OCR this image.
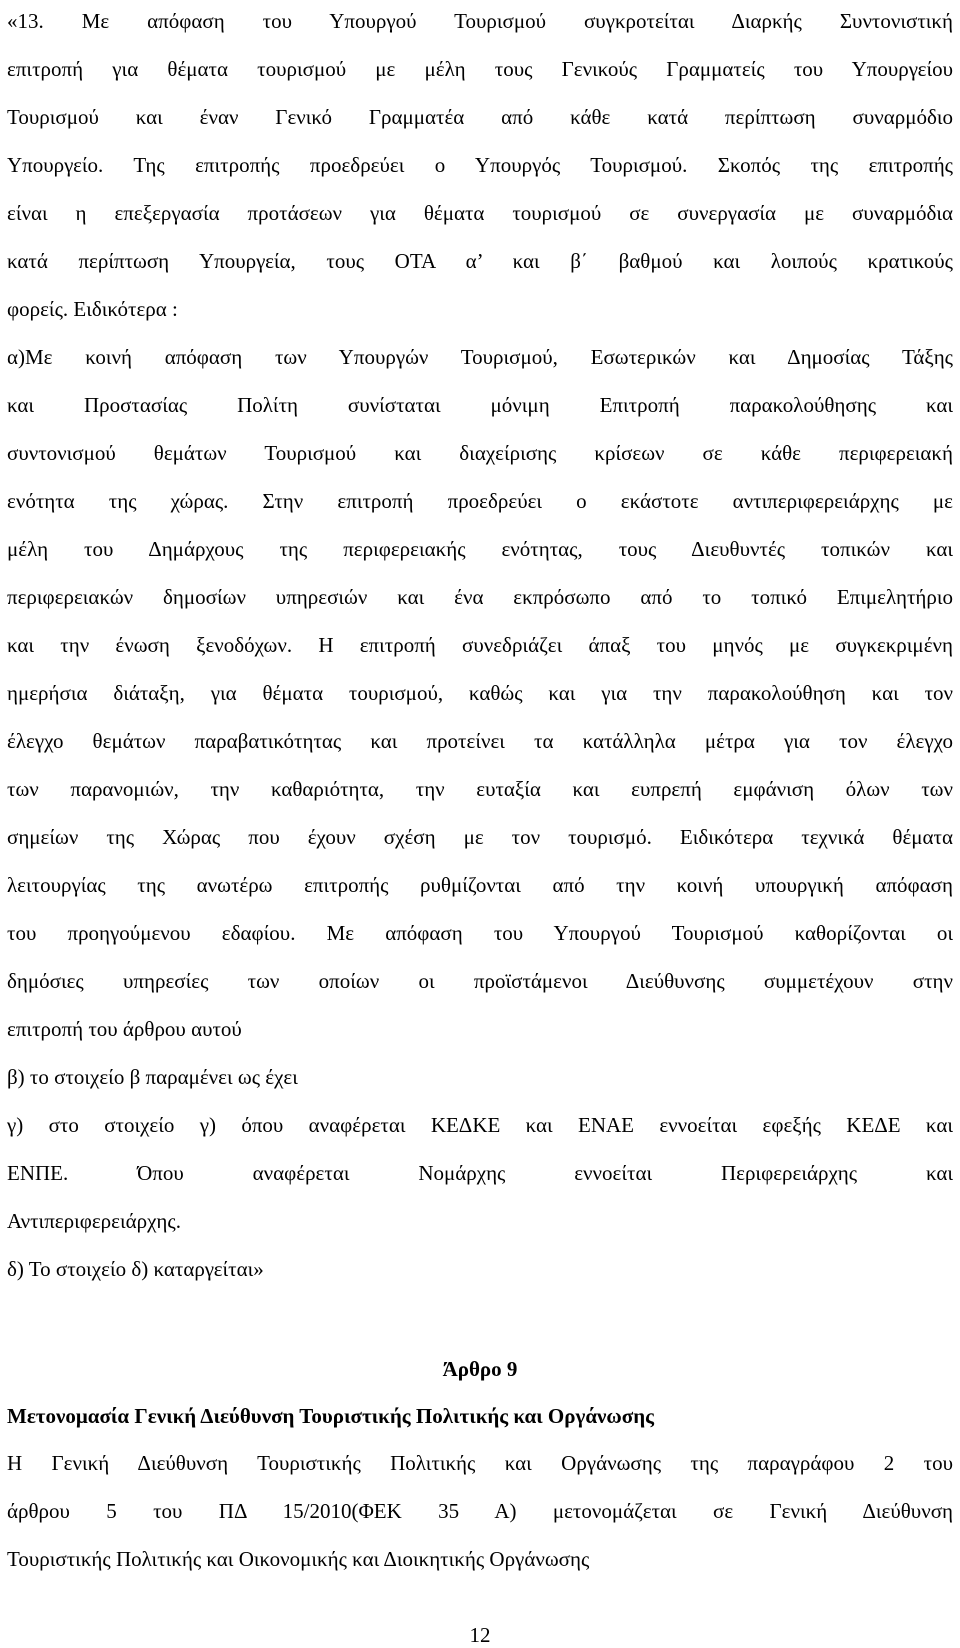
«13. Με απόφαση του Υπουργού Τουρισμού συγκροτείται Διαρκής Συντονιστική
επιτροπή για θέματα τουρισμού με μέλη τους Γενικούς Γραμματείς του Υπουργείου
Τουρισμού και έναν Γενικό Γραμματέα από κάθε κατά περίπτωση συναρμόδιο
Υπουργείο. Της επιτροπής προεδρεύει ο Υπουργός Τουρισμού. Σκοπός της επιτροπής
είναι η επεξεργασία προτάσεων για θέματα τουρισμού σε συνεργασία με συναρμόδια
κατά περίπτωση Υπουργεία, τους ΟΤΑ α’ και β΄ βαθμού και λοιπούς κρατικούς
φορείς. Ειδικότερα :
α)Με κοινή απόφαση των Υπουργών Τουρισμού, Εσωτερικών και Δημοσίας Τάξης
και Προστασίας Πολίτη συνίσταται μόνιμη Επιτροπή παρακολούθησης και
συντονισμού θεμάτων Τουρισμού και διαχείρισης κρίσεων σε κάθε περιφερειακή
ενότητα της χώρας. Στην επιτροπή προεδρεύει ο εκάστοτε αντιπεριφερειάρχης με
μέλη του Δημάρχους της περιφερειακής ενότητας, τους Διευθυντές τοπικών και
περιφερειακών δημοσίων υπηρεσιών και ένα εκπρόσωπο από το τοπικό Επιμελητήριο
και την ένωση ξενοδόχων. Η επιτροπή συνεδριάζει άπαξ του μηνός με συγκεκριμένη
ημερήσια διάταξη, για θέματα τουρισμού, καθώς και για την παρακολούθηση και τον
έλεγχο θεμάτων παραβατικότητας και προτείνει τα κατάλληλα μέτρα για τον έλεγχο
των παρανομιών, την καθαριότητα, την ευταξία και ευπρεπή εμφάνιση όλων των
σημείων της Χώρας που έχουν σχέση με τον τουρισμό. Ειδικότερα τεχνικά θέματα
λειτουργίας της ανωτέρω επιτροπής ρυθμίζονται από την κοινή υπουργική απόφαση
του προηγούμενου εδαφίου. Με απόφαση του Υπουργού Τουρισμού καθορίζονται οι
δημόσιες υπηρεσίες των οποίων οι προϊστάμενοι Διεύθυνσης συμμετέχουν στην
επιτροπή του άρθρου αυτού
β) το στοιχείο β παραμένει ως έχει
γ) στο στοιχείο γ) όπου αναφέρεται ΚΕΔΚΕ και ΕΝΑΕ εννοείται εφεξής ΚΕΔΕ και
ΕΝΠΕ. Όπου αναφέρεται Νομάρχης εννοείται Περιφερειάρχης και
Αντιπεριφερειάρχης.
δ) Το στοιχείο δ) καταργείται»
Άρθρο 9
Μετονομασία Γενική Διεύθυνση Τουριστικής Πολιτικής και Οργάνωσης
Η Γενική Διεύθυνση Τουριστικής Πολιτικής και Οργάνωσης της παραγράφου 2 του
άρθρου 5 του ΠΔ 15/2010(ΦΕΚ 35 Α) μετονομάζεται σε Γενική Διεύθυνση
Τουριστικής Πολιτικής και Οικονομικής και Διοικητικής Οργάνωσης
12
